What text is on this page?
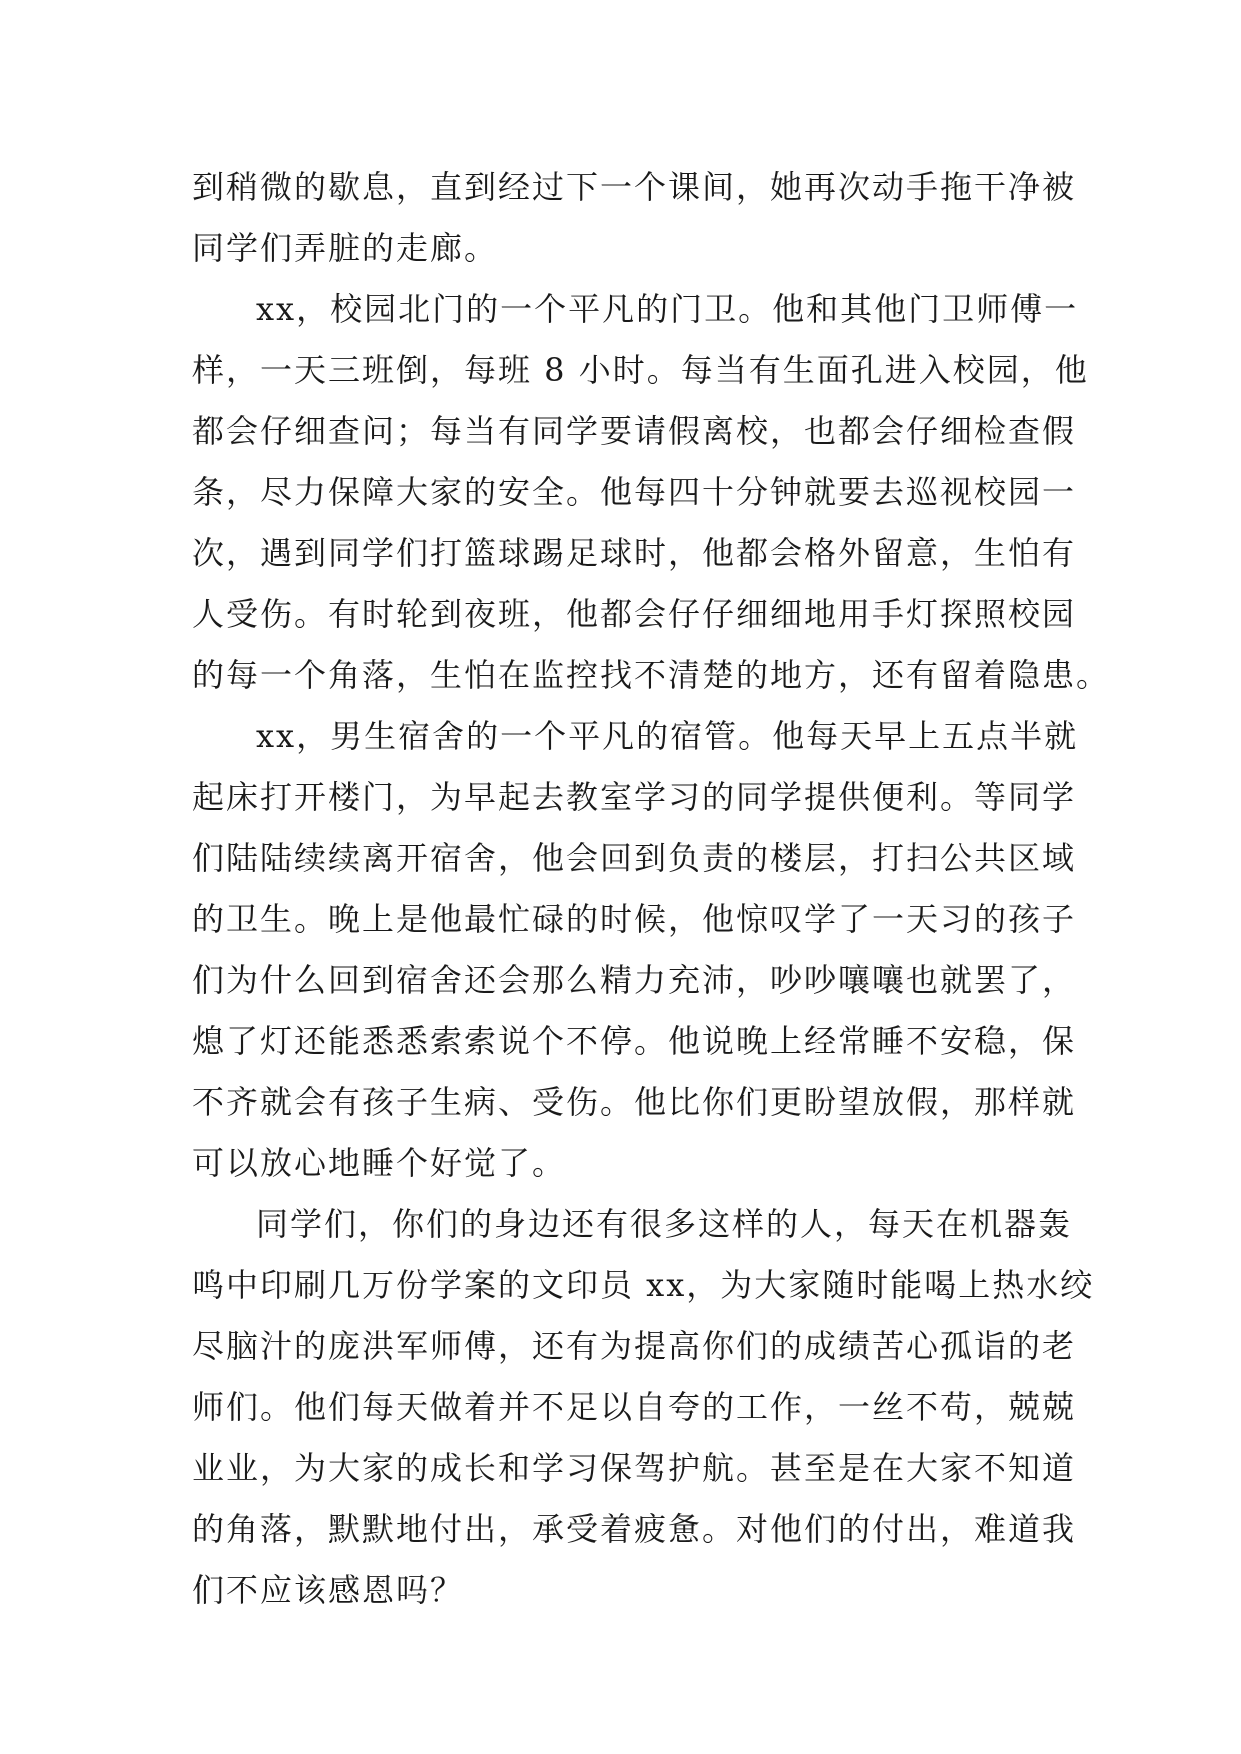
到稍微的歇息，直到经过下一个课间，她再次动手拖干净被
同学们弄脏的走廊。
xx，校园北门的一个平凡的门卫。他和其他门卫师傅一
样，一天三班倒，每班 8 小时。每当有生面孔进入校园，他
都会仔细查问；每当有同学要请假离校，也都会仔细检查假
条，尽力保障大家的安全。他每四十分钟就要去巡视校园一
次，遇到同学们打篮球踢足球时，他都会格外留意，生怕有
人受伤。有时轮到夜班，他都会仔仔细细地用手灯探照校园
的每一个角落，生怕在监控找不清楚的地方，还有留着隐患。
xx，男生宿舍的一个平凡的宿管。他每天早上五点半就
起床打开楼门，为早起去教室学习的同学提供便利。等同学
们陆陆续续离开宿舍，他会回到负责的楼层，打扫公共区域
的卫生。晚上是他最忙碌的时候，他惊叹学了一天习的孩子
们为什么回到宿舍还会那么精力充沛，吵吵嚷嚷也就罢了，
熄了灯还能悉悉索索说个不停。他说晚上经常睡不安稳，保
不齐就会有孩子生病、受伤。他比你们更盼望放假，那样就
可以放心地睡个好觉了。
同学们，你们的身边还有很多这样的人，每天在机器轰
鸣中印刷几万份学案的文印员 xx，为大家随时能喝上热水绞
尽脑汁的庞洪军师傅，还有为提高你们的成绩苦心孤诣的老
师们。他们每天做着并不足以自夸的工作，一丝不苟，兢兢
业业，为大家的成长和学习保驾护航。甚至是在大家不知道
的角落，默默地付出，承受着疲惫。对他们的付出，难道我
们不应该感恩吗？
